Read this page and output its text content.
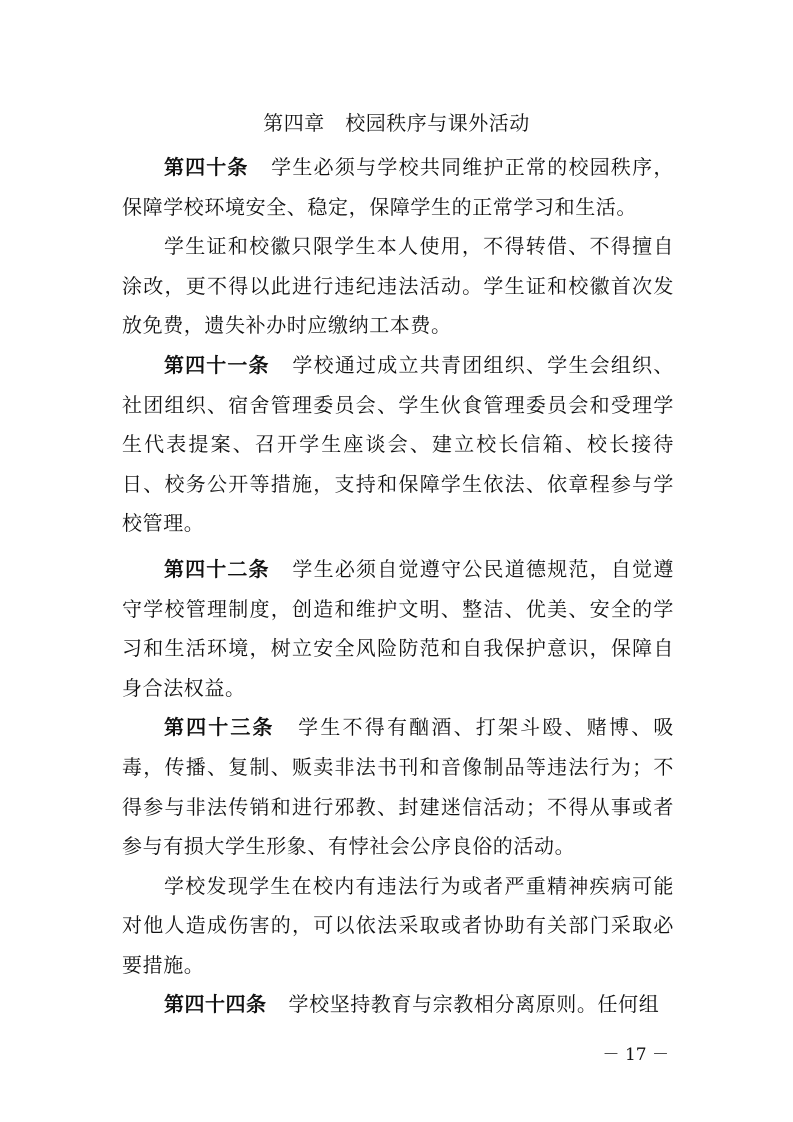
第四章　校园秩序与课外活动

第四十条 学生必须与学校共同维护正常的校园秩序，保障学校环境安全、稳定，保障学生的正常学习和生活。

学生证和校徽只限学生本人使用，不得转借、不得擅自涂改，更不得以此进行违纪违法活动。学生证和校徽首次发放免费，遗失补办时应缴纳工本费。

第四十一条 学校通过成立共青团组织、学生会组织、社团组织、宿舍管理委员会、学生伙食管理委员会和受理学生代表提案、召开学生座谈会、建立校长信箱、校长接待日、校务公开等措施，支持和保障学生依法、依章程参与学校管理。

第四十二条 学生必须自觉遵守公民道德规范，自觉遵守学校管理制度，创造和维护文明、整洁、优美、安全的学习和生活环境，树立安全风险防范和自我保护意识，保障自身合法权益。

第四十三条 学生不得有酗酒、打架斗殴、赌博、吸毒，传播、复制、贩卖非法书刊和音像制品等违法行为；不得参与非法传销和进行邪教、封建迷信活动；不得从事或者参与有损大学生形象、有悖社会公序良俗的活动。

学校发现学生在校内有违法行为或者严重精神疾病可能对他人造成伤害的，可以依法采取或者协助有关部门采取必要措施。

第四十四条 学校坚持教育与宗教相分离原则。任何组

－ 17 －
